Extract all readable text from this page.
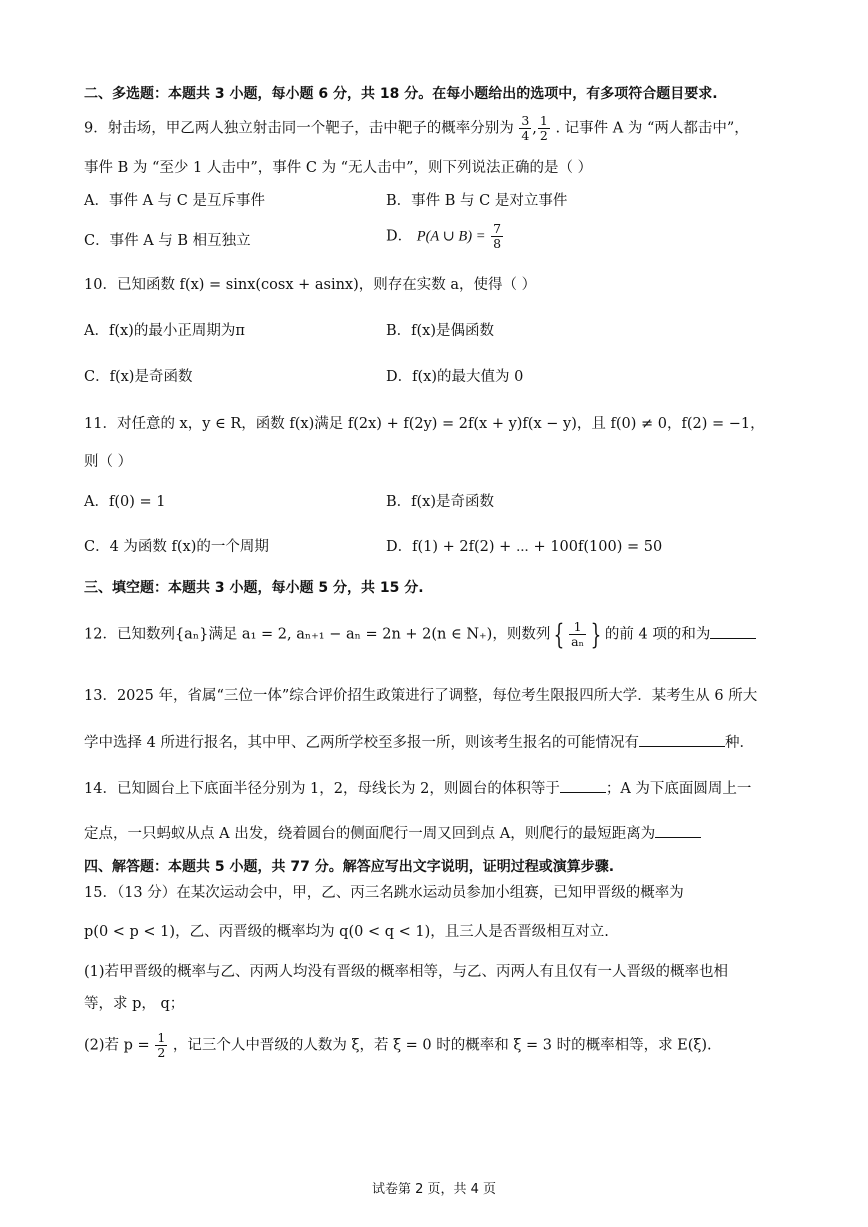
二、多选题：本题共 3 小题，每小题 6 分，共 18 分。在每小题给出的选项中，有多项符合题目要求.
9．射击场，甲乙两人独立射击同一个靶子，击中靶子的概率分别为 $\frac{3}{4}$ , $\frac{1}{2}$ . 记事件 A 为 “两人都击中”，
事件 B 为 “至少 1 人击中”，事件 C 为 “无人击中”，则下列说法正确的是（ ）
A．事件 A 与 C 是互斥事件	B．事件 B 与 C 是对立事件
C．事件 A 与 B 相互独立	D． P(A ∪ $B) = \frac{7}{8}$
10．已知函数 f(x) = sinx(cosx + asinx)，则存在实数 a，使得（ ）
A．f(x)的最小正周期为π	B．f(x)是偶函数
C．f(x)是奇函数	D．f(x)的最大值为 0
11．对任意的 x，y ∈ R，函数 f(x)满足 f(2x) + f(2y) = 2f(x + y)f(x − y)，且 f(0) ≠ 0，f(2) = −1，
则（ ）
A．f(0) = 1	B．f(x)是奇函数
C．4 为函数 f(x)的一个周期	D．f(1) + 2f(2) + ⋯ + 100f(100) = 50
三、填空题：本题共 3 小题，每小题 5 分，共 15 分.
12．已知数列{aₙ}满足 a₁ = 2, aₙ₊₁ − aₙ = 2n + 2(n ∈ N₊)，则数列 { $\frac{1}{\text{aₙ}}$ } 的前 4 项的和为
13．2025 年，省属“三位一体”综合评价招生政策进行了调整，每位考生限报四所大学．某考生从 6 所大
学中选择 4 所进行报名，其中甲、乙两所学校至多报一所，则该考生报名的可能情况有	种．
14．已知圆台上下底面半径分别为 1，2，母线长为 2，则圆台的体积等于	；A 为下底面圆周上一
定点，一只蚂蚁从点 A 出发，绕着圆台的侧面爬行一周又回到点 A，则爬行的最短距离为
四、解答题：本题共 5 小题，共 77 分。解答应写出文字说明，证明过程或演算步骤.
15．（13 分）在某次运动会中，甲，乙、丙三名跳水运动员参加小组赛，已知甲晋级的概率为
p(0 < p < 1)，乙、丙晋级的概率均为 q(0 < q < 1)，且三人是否晋级相互对立.
(1)若甲晋级的概率与乙、丙两人均没有晋级的概率相等，与乙、丙两人有且仅有一人晋级的概率也相
等，求 p， q；
(2)若 $p = \frac{1}{2}$ ，记三个人中晋级的人数为 ξ，若 ξ = 0 时的概率和 ξ = 3 时的概率相等，求 E(ξ).
试卷第 2 页，共 4 页
